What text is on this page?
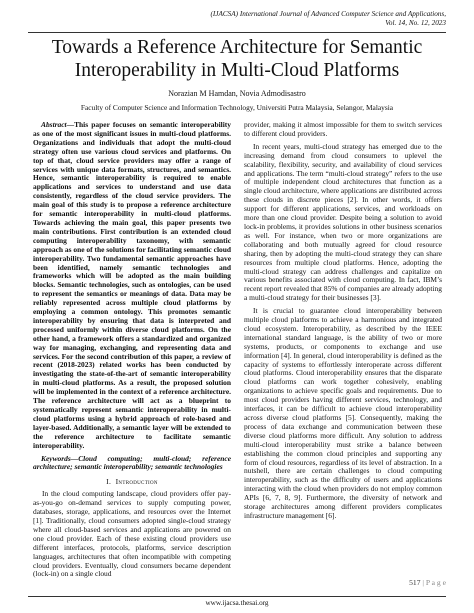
(IJACSA) International Journal of Advanced Computer Science and Applications,
Vol. 14, No. 12, 2023
Towards a Reference Architecture for Semantic Interoperability in Multi-Cloud Platforms
Norazian M Hamdan, Novia Admodisastro
Faculty of Computer Science and Information Technology, Universiti Putra Malaysia, Selangor, Malaysia

Abstract—This paper focuses on semantic interoperability as one of the most significant issues in multi-cloud platforms. Organizations and individuals that adopt the multi-cloud strategy often use various cloud services and platforms. On top of that, cloud service providers may offer a range of services with unique data formats, structures, and semantics. Hence, semantic interoperability is required to enable applications and services to understand and use data consistently, regardless of the cloud service providers. The main goal of this study is to propose a reference architecture for semantic interoperability in multi-cloud platforms. Towards achieving the main goal, this paper presents two main contributions. First contribution is an extended cloud computing interoperability taxonomy, with semantic approach as one of the solutions for facilitating semantic cloud interoperability. Two fundamental semantic approaches have been identified, namely semantic technologies and frameworks which will be adopted as the main building blocks. Semantic technologies, such as ontologies, can be used to represent the semantics or meanings of data. Data may be reliably represented across multiple cloud platforms by employing a common ontology. This promotes semantic interoperability by ensuring that data is interpreted and processed uniformly within diverse cloud platforms. On the other hand, a framework offers a standardized and organized way for managing, exchanging, and representing data and services. For the second contribution of this paper, a review of recent (2018-2023) related works has been conducted by investigating the state-of-the-art of semantic interoperability in multi-cloud platforms. As a result, the proposed solution will be implemented in the context of a reference architecture. The reference architecture will act as a blueprint to systematically represent semantic interoperability in multi-cloud platforms using a hybrid approach of role-based and layer-based. Additionally, a semantic layer will be extended to the reference architecture to facilitate semantic interoperability.

Keywords—Cloud computing; multi-cloud; reference architecture; semantic interoperability; semantic technologies

I. Introduction

In the cloud computing landscape, cloud providers offer pay-as-you-go on-demand services to supply computing power, databases, storage, applications, and resources over the Internet [1]. Traditionally, cloud consumers adopted single-cloud strategy where all cloud-based services and applications are powered on one cloud provider. Each of these existing cloud providers use different interfaces, protocols, platforms, service description languages, architectures that often incompatible with competing cloud providers. Eventually, cloud consumers became dependent (lock-in) on a single cloud

provider, making it almost impossible for them to switch services to different cloud providers.

In recent years, multi-cloud strategy has emerged due to the increasing demand from cloud consumers to uplevel the scalability, flexibility, security, and availability of cloud services and applications. The term “multi-cloud strategy” refers to the use of multiple independent cloud architectures that function as a single cloud architecture, where applications are distributed across these clouds in discrete pieces [2]. In other words, it offers support for different applications, services, and workloads on more than one cloud provider. Despite being a solution to avoid lock-in problems, it provides solutions in other business scenarios as well. For instance, when two or more organizations are collaborating and both mutually agreed for cloud resource sharing, then by adopting the multi-cloud strategy they can share resources from multiple cloud platforms. Hence, adopting the multi-cloud strategy can address challenges and capitalize on various benefits associated with cloud computing. In fact, IBM’s recent report revealed that 85% of companies are already adopting a multi-cloud strategy for their businesses [3].

It is crucial to guarantee cloud interoperability between multiple cloud platforms to achieve a harmonious and integrated cloud ecosystem. Interoperability, as described by the IEEE international standard language, is the ability of two or more systems, products, or components to exchange and use information [4]. In general, cloud interoperability is defined as the capacity of systems to effortlessly interoperate across different cloud platforms. Cloud interoperability ensures that the disparate cloud platforms can work together cohesively, enabling organizations to achieve specific goals and requirements. Due to most cloud providers having different services, technology, and interfaces, it can be difficult to achieve cloud interoperability across diverse cloud platforms [5]. Consequently, making the process of data exchange and communication between these diverse cloud platforms more difficult. Any solution to address multi-cloud interoperability must strike a balance between establishing the common cloud principles and supporting any form of cloud resources, regardless of its level of abstraction. In a nutshell, there are certain challenges to cloud computing interoperability, such as the difficulty of users and applications interacting with the cloud when providers do not employ common APIs [6, 7, 8, 9]. Furthermore, the diversity of network and storage architectures among different providers complicates infrastructure management [6].

517 | P a g e
www.ijacsa.thesai.org
